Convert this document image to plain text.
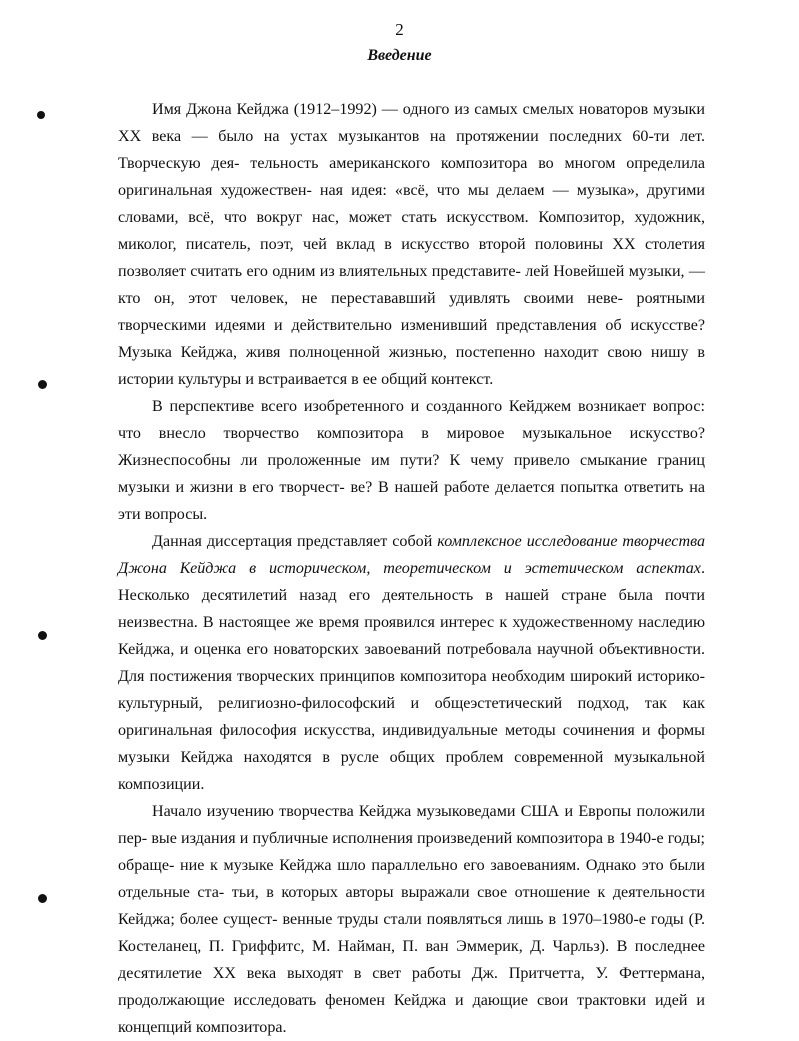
2
Введение

Имя Джона Кейджа (1912–1992) — одного из самых смелых новаторов музыки XX века — было на устах музыкантов на протяжении последних 60-ти лет. Творческую дея- тельность американского композитора во многом определила оригинальная художествен- ная идея: «всё, что мы делаем — музыка», другими словами, всё, что вокруг нас, может стать искусством. Композитор, художник, миколог, писатель, поэт, чей вклад в искусство второй половины XX столетия позволяет считать его одним из влиятельных представите- лей Новейшей музыки, — кто он, этот человек, не перестававший удивлять своими неве- роятными творческими идеями и действительно изменивший представления об искусстве? Музыка Кейджа, живя полноценной жизнью, постепенно находит свою нишу в истории культуры и встраивается в ее общий контекст.

В перспективе всего изобретенного и созданного Кейджем возникает вопрос: что внесло творчество композитора в мировое музыкальное искусство? Жизнеспособны ли проложенные им пути? К чему привело смыкание границ музыки и жизни в его творчест- ве? В нашей работе делается попытка ответить на эти вопросы.

Данная диссертация представляет собой комплексное исследование творчества Джона Кейджа в историческом, теоретическом и эстетическом аспектах. Несколько десятилетий назад его деятельность в нашей стране была почти неизвестна. В настоящее же время проявился интерес к художественному наследию Кейджа, и оценка его новаторских завоеваний потребовала научной объективности. Для постижения творческих принципов композитора необходим широкий историко-культурный, религиозно-философский и общеэстетический подход, так как оригинальная философия искусства, индивидуальные методы сочинения и формы музыки Кейджа находятся в русле общих проблем современной музыкальной композиции.

Начало изучению творчества Кейджа музыковедами США и Европы положили пер- вые издания и публичные исполнения произведений композитора в 1940-е годы; обраще- ние к музыке Кейджа шло параллельно его завоеваниям. Однако это были отдельные ста- тьи, в которых авторы выражали свое отношение к деятельности Кейджа; более сущест- венные труды стали появляться лишь в 1970–1980-е годы (Р. Костеланец, П. Гриффитс, М. Найман, П. ван Эммерик, Д. Чарльз). В последнее десятилетие XX века выходят в свет работы Дж. Притчетта, У. Феттермана, продолжающие исследовать феномен Кейджа и дающие свои трактовки идей и концепций композитора.
